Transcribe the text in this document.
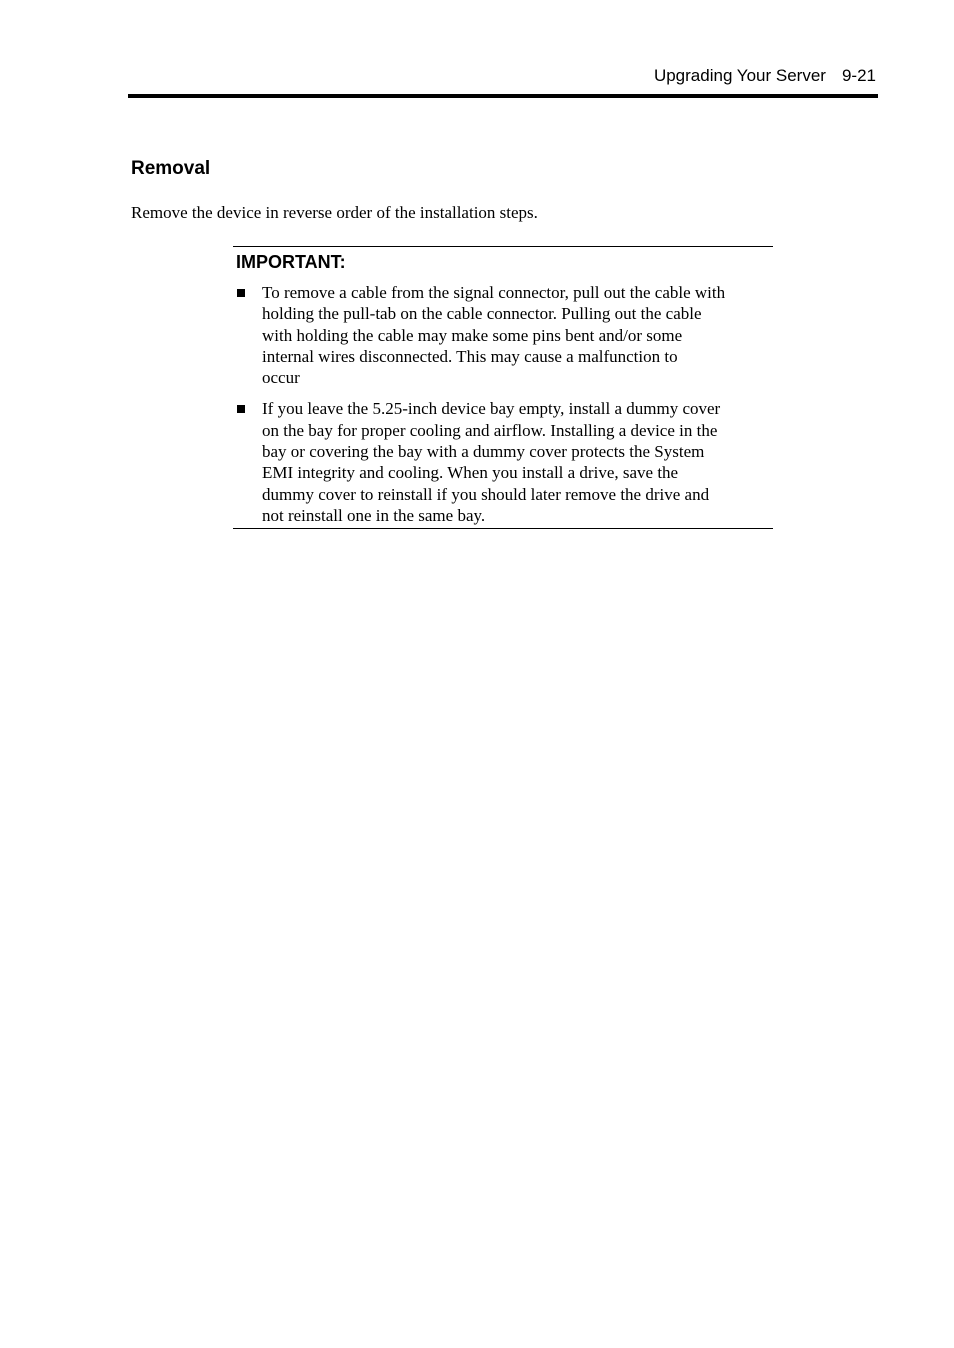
Upgrading Your Server 9-21
Removal

Remove the device in reverse order of the installation steps.

IMPORTANT:
To remove a cable from the signal connector, pull out the cable with
holding the pull-tab on the cable connector. Pulling out the cable
with holding the cable may make some pins bent and/or some
internal wires disconnected. This may cause a malfunction to
occur
If you leave the 5.25-inch device bay empty, install a dummy cover
on the bay for proper cooling and airflow. Installing a device in the
bay or covering the bay with a dummy cover protects the System
EMI integrity and cooling. When you install a drive, save the
dummy cover to reinstall if you should later remove the drive and
not reinstall one in the same bay.
